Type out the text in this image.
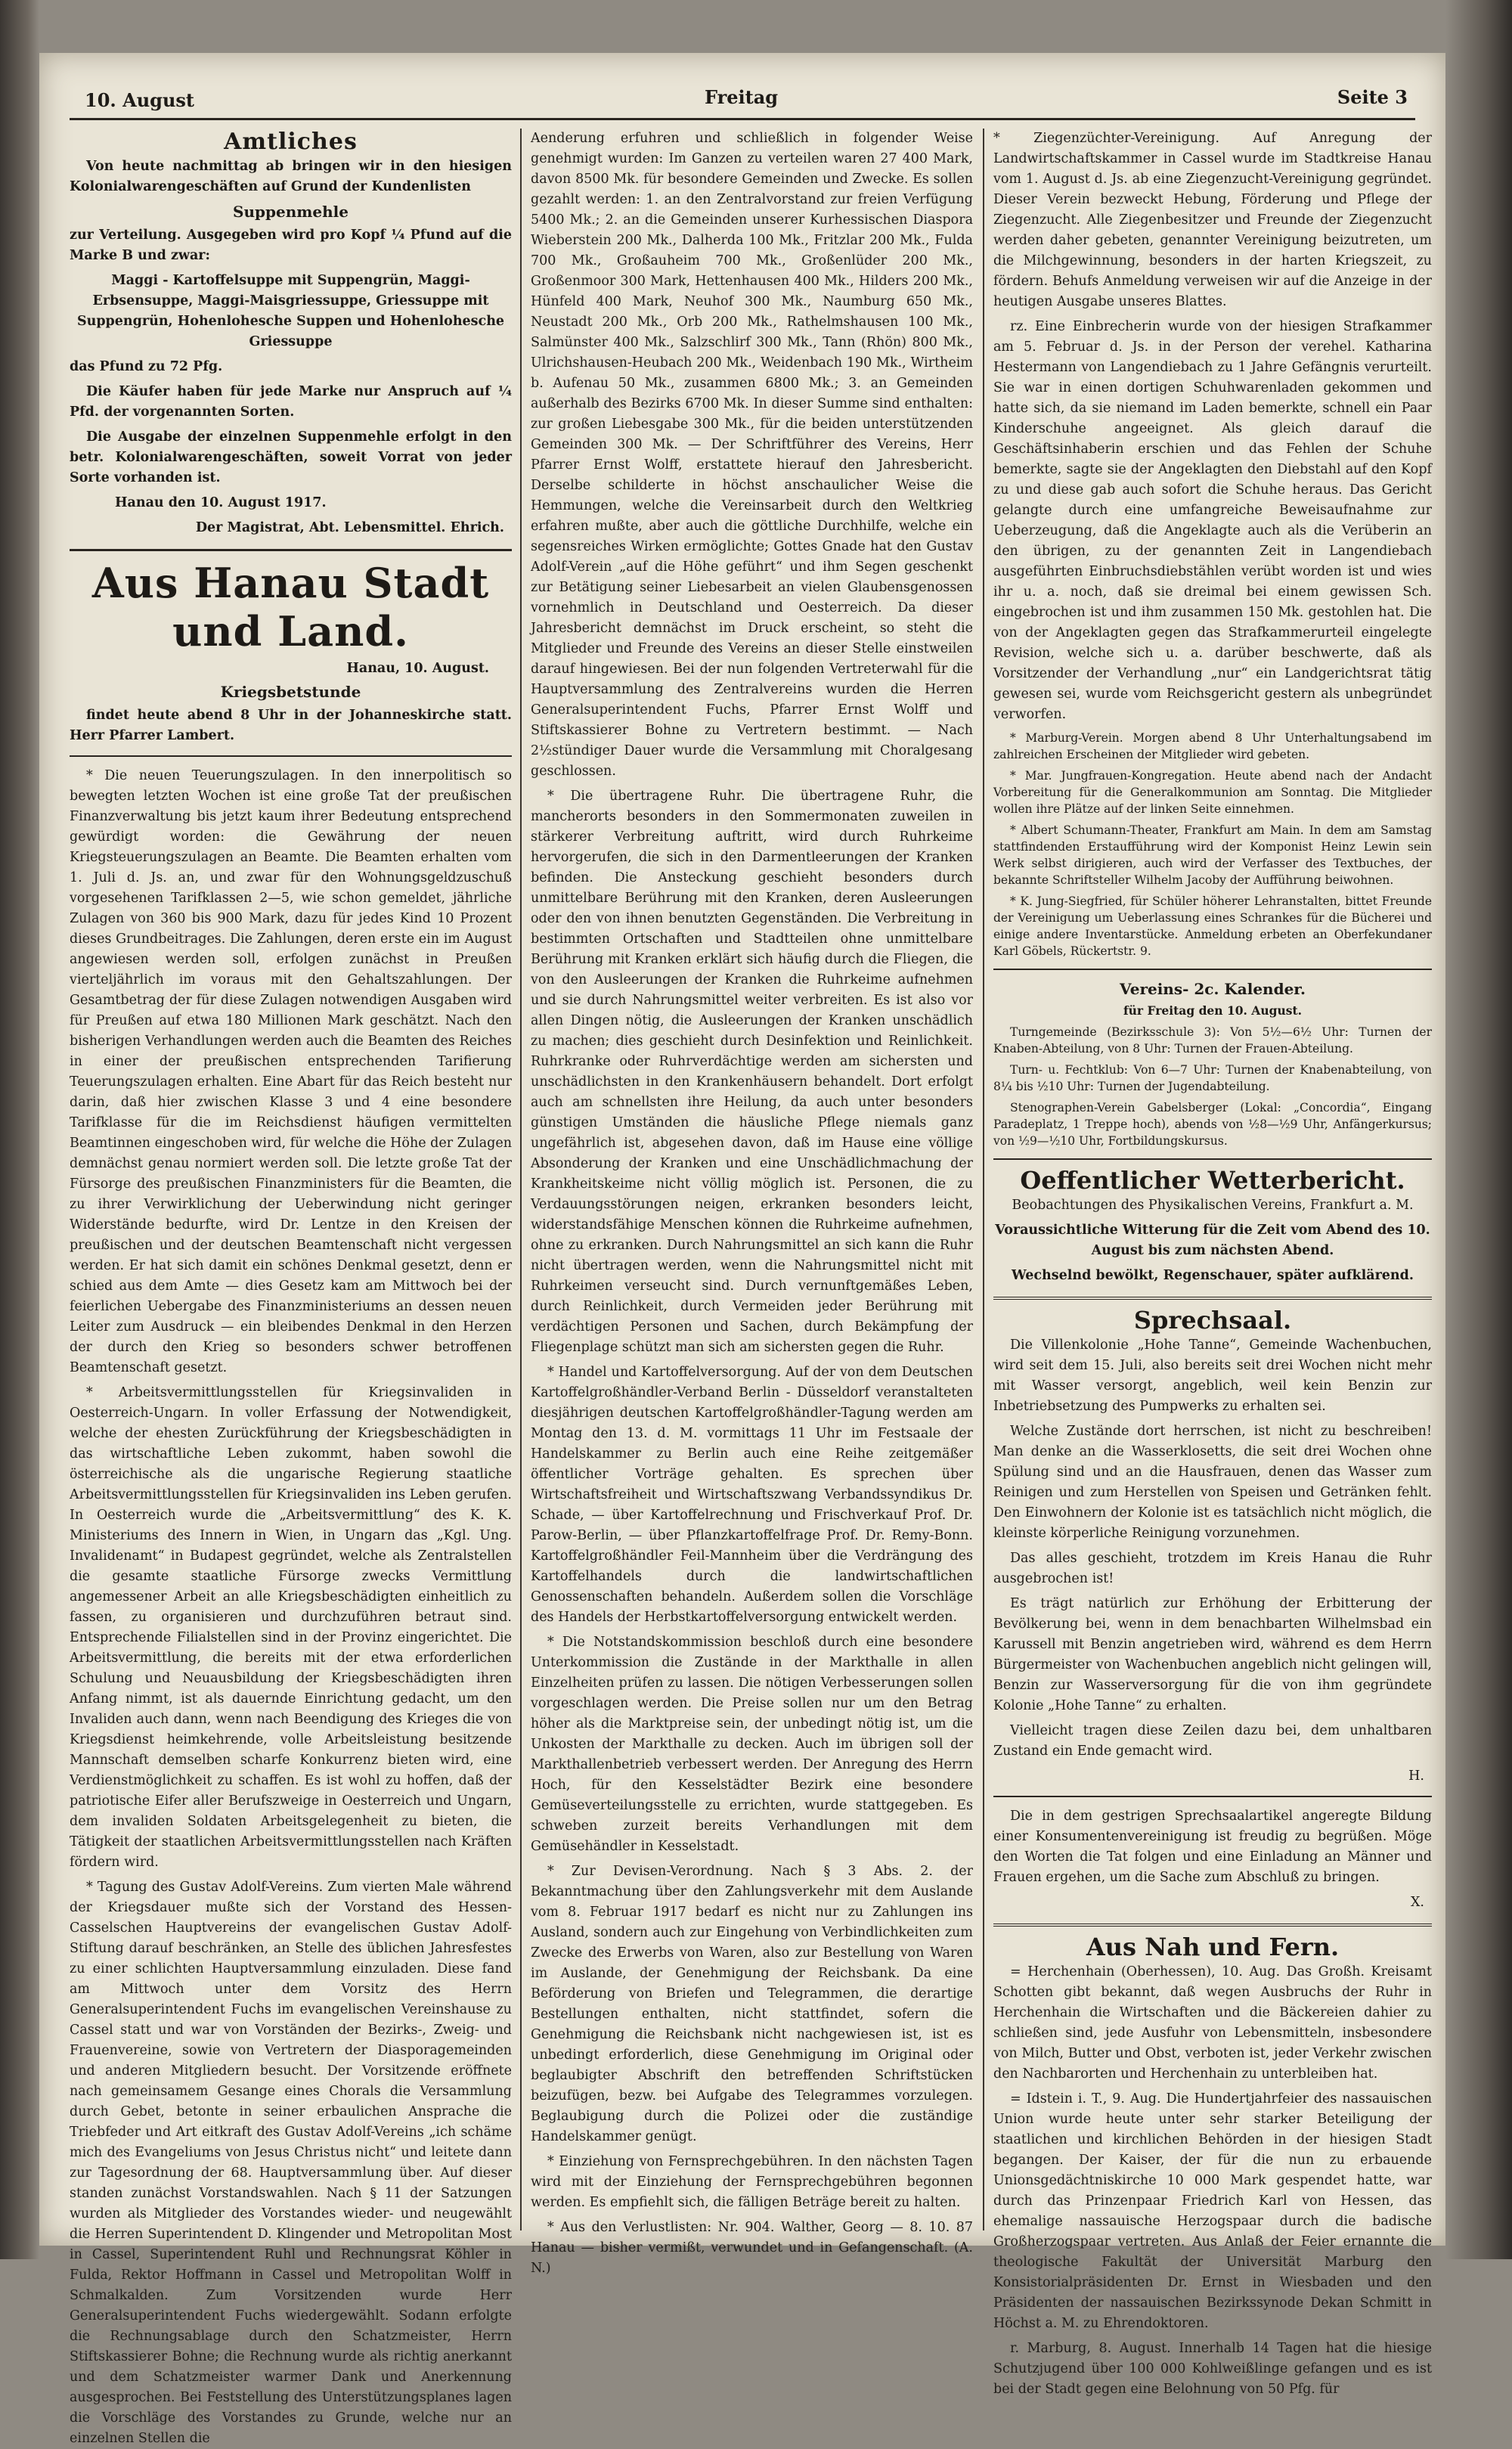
10. August	Freitag	Seite 3
Amtliches

Von heute nachmittag ab bringen wir in den hiesigen Kolonialwarengeschäften auf Grund der Kundenlisten

Suppenmehle

zur Verteilung. Ausgegeben wird pro Kopf ¼ Pfund auf die Marke B und zwar:

Maggi - Kartoffelsuppe mit Suppengrün, Maggi-Erbsensuppe, Maggi-Maisgriessuppe, Griessuppe mit Suppengrün, Hohenlohesche Suppen und Hohenlohesche Griessuppe

das Pfund zu 72 Pfg.

Die Käufer haben für jede Marke nur Anspruch auf ¼ Pfd. der vorgenannten Sorten.

Die Ausgabe der einzelnen Suppenmehle erfolgt in den betr. Kolonialwarengeschäften, soweit Vorrat von jeder Sorte vorhanden ist.

Hanau den 10. August 1917.

Der Magistrat, Abt. Lebensmittel. Ehrich.

Aus Hanau Stadt und Land.
Hanau, 10. August.
Kriegsbetstunde

findet heute abend 8 Uhr in der Johanneskirche statt. Herr Pfarrer Lambert.

* Die neuen Teuerungszulagen. In den innerpolitisch so bewegten letzten Wochen ist eine große Tat der preußischen Finanzverwaltung bis jetzt kaum ihrer Bedeutung entsprechend gewürdigt worden: die Gewährung der neuen Kriegsteuerungszulagen an Beamte. Die Beamten erhalten vom 1. Juli d. Js. an, und zwar für den Wohnungsgeldzuschuß vorgesehenen Tarifklassen 2—5, wie schon gemeldet, jährliche Zulagen von 360 bis 900 Mark, dazu für jedes Kind 10 Prozent dieses Grundbeitrages. Die Zahlungen, deren erste ein im August angewiesen werden soll, erfolgen zunächst in Preußen vierteljährlich im voraus mit den Gehaltszahlungen. Der Gesamtbetrag der für diese Zulagen notwendigen Ausgaben wird für Preußen auf etwa 180 Millionen Mark geschätzt. Nach den bisherigen Verhandlungen werden auch die Beamten des Reiches in einer der preußischen entsprechenden Tarifierung Teuerungszulagen erhalten. Eine Abart für das Reich besteht nur darin, daß hier zwischen Klasse 3 und 4 eine besondere Tarifklasse für die im Reichsdienst häufigen vermittelten Beamtinnen eingeschoben wird, für welche die Höhe der Zulagen demnächst genau normiert werden soll. Die letzte große Tat der Fürsorge des preußischen Finanzministers für die Beamten, die zu ihrer Verwirklichung der Ueberwindung nicht geringer Widerstände bedurfte, wird Dr. Lentze in den Kreisen der preußischen und der deutschen Beamtenschaft nicht vergessen werden. Er hat sich damit ein schönes Denkmal gesetzt, denn er schied aus dem Amte — dies Gesetz kam am Mittwoch bei der feierlichen Uebergabe des Finanzministeriums an dessen neuen Leiter zum Ausdruck — ein bleibendes Denkmal in den Herzen der durch den Krieg so besonders schwer betroffenen Beamtenschaft gesetzt.

* Arbeitsvermittlungsstellen für Kriegsinvaliden in Oesterreich-Ungarn. In voller Erfassung der Notwendigkeit, welche der ehesten Zurückführung der Kriegsbeschädigten in das wirtschaftliche Leben zukommt, haben sowohl die österreichische als die ungarische Regierung staatliche Arbeitsvermittlungsstellen für Kriegsinvaliden ins Leben gerufen. In Oesterreich wurde die „Arbeitsvermittlung“ des K. K. Ministeriums des Innern in Wien, in Ungarn das „Kgl. Ung. Invalidenamt“ in Budapest gegründet, welche als Zentralstellen die gesamte staatliche Fürsorge zwecks Vermittlung angemessener Arbeit an alle Kriegsbeschädigten einheitlich zu fassen, zu organisieren und durchzuführen betraut sind. Entsprechende Filialstellen sind in der Provinz eingerichtet. Die Arbeitsvermittlung, die bereits mit der etwa erforderlichen Schulung und Neuausbildung der Kriegsbeschädigten ihren Anfang nimmt, ist als dauernde Einrichtung gedacht, um den Invaliden auch dann, wenn nach Beendigung des Krieges die von Kriegsdienst heimkehrende, volle Arbeitsleistung besitzende Mannschaft demselben scharfe Konkurrenz bieten wird, eine Verdienstmöglichkeit zu schaffen. Es ist wohl zu hoffen, daß der patriotische Eifer aller Berufszweige in Oesterreich und Ungarn, dem invaliden Soldaten Arbeitsgelegenheit zu bieten, die Tätigkeit der staatlichen Arbeitsvermittlungsstellen nach Kräften fördern wird.

* Tagung des Gustav Adolf-Vereins. Zum vierten Male während der Kriegsdauer mußte sich der Vorstand des Hessen-Casselschen Hauptvereins der evangelischen Gustav Adolf-Stiftung darauf beschränken, an Stelle des üblichen Jahresfestes zu einer schlichten Hauptversammlung einzuladen. Diese fand am Mittwoch unter dem Vorsitz des Herrn Generalsuperintendent Fuchs im evangelischen Vereinshause zu Cassel statt und war von Vorständen der Bezirks-, Zweig- und Frauenvereine, sowie von Vertretern der Diasporagemeinden und anderen Mitgliedern besucht. Der Vorsitzende eröffnete nach gemeinsamem Gesange eines Chorals die Versammlung durch Gebet, betonte in seiner erbaulichen Ansprache die Triebfeder und Art eitkraft des Gustav Adolf-Vereins „ich schäme mich des Evangeliums von Jesus Christus nicht“ und leitete dann zur Tagesordnung der 68. Hauptversammlung über. Auf dieser standen zunächst Vorstandswahlen. Nach § 11 der Satzungen wurden als Mitglieder des Vorstandes wieder- und neugewählt die Herren Superintendent D. Klingender und Metropolitan Most in Cassel, Superintendent Ruhl und Rechnungsrat Köhler in Fulda, Rektor Hoffmann in Cassel und Metropolitan Wolff in Schmalkalden. Zum Vorsitzenden wurde Herr Generalsuperintendent Fuchs wiedergewählt. Sodann erfolgte die Rechnungsablage durch den Schatzmeister, Herrn Stiftskassierer Bohne; die Rechnung wurde als richtig anerkannt und dem Schatzmeister warmer Dank und Anerkennung ausgesprochen. Bei Feststellung des Unterstützungsplanes lagen die Vorschläge des Vorstandes zu Grunde, welche nur an einzelnen Stellen die

Aenderung erfuhren und schließlich in folgender Weise genehmigt wurden: Im Ganzen zu verteilen waren 27 400 Mark, davon 8500 Mk. für besondere Gemeinden und Zwecke. Es sollen gezahlt werden: 1. an den Zentralvorstand zur freien Verfügung 5400 Mk.; 2. an die Gemeinden unserer Kurhessischen Diaspora Wieberstein 200 Mk., Dalherda 100 Mk., Fritzlar 200 Mk., Fulda 700 Mk., Großauheim 700 Mk., Großenlüder 200 Mk., Großenmoor 300 Mark, Hettenhausen 400 Mk., Hilders 200 Mk., Hünfeld 400 Mark, Neuhof 300 Mk., Naumburg 650 Mk., Neustadt 200 Mk., Orb 200 Mk., Rathelmshausen 100 Mk., Salmünster 400 Mk., Salzschlirf 300 Mk., Tann (Rhön) 800 Mk., Ulrichshausen-Heubach 200 Mk., Weidenbach 190 Mk., Wirtheim b. Aufenau 50 Mk., zusammen 6800 Mk.; 3. an Gemeinden außerhalb des Bezirks 6700 Mk. In dieser Summe sind enthalten: zur großen Liebesgabe 300 Mk., für die beiden unterstützenden Gemeinden 300 Mk. — Der Schriftführer des Vereins, Herr Pfarrer Ernst Wolff, erstattete hierauf den Jahresbericht. Derselbe schilderte in höchst anschaulicher Weise die Hemmungen, welche die Vereinsarbeit durch den Weltkrieg erfahren mußte, aber auch die göttliche Durchhilfe, welche ein segensreiches Wirken ermöglichte; Gottes Gnade hat den Gustav Adolf-Verein „auf die Höhe geführt“ und ihm Segen geschenkt zur Betätigung seiner Liebesarbeit an vielen Glaubensgenossen vornehmlich in Deutschland und Oesterreich. Da dieser Jahresbericht demnächst im Druck erscheint, so steht die Mitglieder und Freunde des Vereins an dieser Stelle einstweilen darauf hingewiesen. Bei der nun folgenden Vertreterwahl für die Hauptversammlung des Zentralvereins wurden die Herren Generalsuperintendent Fuchs, Pfarrer Ernst Wolff und Stiftskassierer Bohne zu Vertretern bestimmt. — Nach 2½stündiger Dauer wurde die Versammlung mit Choralgesang geschlossen.

* Die übertragene Ruhr. Die übertragene Ruhr, die mancherorts besonders in den Sommermonaten zuweilen in stärkerer Verbreitung auftritt, wird durch Ruhrkeime hervorgerufen, die sich in den Darmentleerungen der Kranken befinden. Die Ansteckung geschieht besonders durch unmittelbare Berührung mit den Kranken, deren Ausleerungen oder den von ihnen benutzten Gegenständen. Die Verbreitung in bestimmten Ortschaften und Stadtteilen ohne unmittelbare Berührung mit Kranken erklärt sich häufig durch die Fliegen, die von den Ausleerungen der Kranken die Ruhrkeime aufnehmen und sie durch Nahrungsmittel weiter verbreiten. Es ist also vor allen Dingen nötig, die Ausleerungen der Kranken unschädlich zu machen; dies geschieht durch Desinfektion und Reinlichkeit. Ruhrkranke oder Ruhrverdächtige werden am sichersten und unschädlichsten in den Krankenhäusern behandelt. Dort erfolgt auch am schnellsten ihre Heilung, da auch unter besonders günstigen Umständen die häusliche Pflege niemals ganz ungefährlich ist, abgesehen davon, daß im Hause eine völlige Absonderung der Kranken und eine Unschädlichmachung der Krankheitskeime nicht völlig möglich ist. Personen, die zu Verdauungsstörungen neigen, erkranken besonders leicht, widerstandsfähige Menschen können die Ruhrkeime aufnehmen, ohne zu erkranken. Durch Nahrungsmittel an sich kann die Ruhr nicht übertragen werden, wenn die Nahrungsmittel nicht mit Ruhrkeimen verseucht sind. Durch vernunftgemäßes Leben, durch Reinlichkeit, durch Vermeiden jeder Berührung mit verdächtigen Personen und Sachen, durch Bekämpfung der Fliegenplage schützt man sich am sichersten gegen die Ruhr.

* Handel und Kartoffelversorgung. Auf der von dem Deutschen Kartoffelgroßhändler-Verband Berlin - Düsseldorf veranstalteten diesjährigen deutschen Kartoffelgroßhändler-Tagung werden am Montag den 13. d. M. vormittags 11 Uhr im Festsaale der Handelskammer zu Berlin auch eine Reihe zeitgemäßer öffentlicher Vorträge gehalten. Es sprechen über Wirtschaftsfreiheit und Wirtschaftszwang Verbandssyndikus Dr. Schade, — über Kartoffelrechnung und Frischverkauf Prof. Dr. Parow-Berlin, — über Pflanzkartoffelfrage Prof. Dr. Remy-Bonn. Kartoffelgroßhändler Feil-Mannheim über die Verdrängung des Kartoffelhandels durch die landwirtschaftlichen Genossenschaften behandeln. Außerdem sollen die Vorschläge des Handels der Herbstkartoffelversorgung entwickelt werden.

* Die Notstandskommission beschloß durch eine besondere Unterkommission die Zustände in der Markthalle in allen Einzelheiten prüfen zu lassen. Die nötigen Verbesserungen sollen vorgeschlagen werden. Die Preise sollen nur um den Betrag höher als die Marktpreise sein, der unbedingt nötig ist, um die Unkosten der Markthalle zu decken. Auch im übrigen soll der Markthallenbetrieb verbessert werden. Der Anregung des Herrn Hoch, für den Kesselstädter Bezirk eine besondere Gemüseverteilungsstelle zu errichten, wurde stattgegeben. Es schweben zurzeit bereits Verhandlungen mit dem Gemüsehändler in Kesselstadt.

* Zur Devisen-Verordnung. Nach § 3 Abs. 2. der Bekanntmachung über den Zahlungsverkehr mit dem Auslande vom 8. Februar 1917 bedarf es nicht nur zu Zahlungen ins Ausland, sondern auch zur Eingehung von Verbindlichkeiten zum Zwecke des Erwerbs von Waren, also zur Bestellung von Waren im Auslande, der Genehmigung der Reichsbank. Da eine Beförderung von Briefen und Telegrammen, die derartige Bestellungen enthalten, nicht stattfindet, sofern die Genehmigung die Reichsbank nicht nachgewiesen ist, ist es unbedingt erforderlich, diese Genehmigung im Original oder beglaubigter Abschrift den betreffenden Schriftstücken beizufügen, bezw. bei Aufgabe des Telegrammes vorzulegen. Beglaubigung durch die Polizei oder die zuständige Handelskammer genügt.

* Einziehung von Fernsprechgebühren. In den nächsten Tagen wird mit der Einziehung der Fernsprechgebühren begonnen werden. Es empfiehlt sich, die fälligen Beträge bereit zu halten.

* Aus den Verlustlisten: Nr. 904. Walther, Georg — 8. 10. 87 Hanau — bisher vermißt, verwundet und in Gefangenschaft. (A. N.)

* Ziegenzüchter-Vereinigung. Auf Anregung der Landwirtschaftskammer in Cassel wurde im Stadtkreise Hanau vom 1. August d. Js. ab eine Ziegenzucht-Vereinigung gegründet. Dieser Verein bezweckt Hebung, Förderung und Pflege der Ziegenzucht. Alle Ziegenbesitzer und Freunde der Ziegenzucht werden daher gebeten, genannter Vereinigung beizutreten, um die Milchgewinnung, besonders in der harten Kriegszeit, zu fördern. Behufs Anmeldung verweisen wir auf die Anzeige in der heutigen Ausgabe unseres Blattes.

rz. Eine Einbrecherin wurde von der hiesigen Strafkammer am 5. Februar d. Js. in der Person der verehel. Katharina Hestermann von Langendiebach zu 1 Jahre Gefängnis verurteilt. Sie war in einen dortigen Schuhwarenladen gekommen und hatte sich, da sie niemand im Laden bemerkte, schnell ein Paar Kinderschuhe angeeignet. Als gleich darauf die Geschäftsinhaberin erschien und das Fehlen der Schuhe bemerkte, sagte sie der Angeklagten den Diebstahl auf den Kopf zu und diese gab auch sofort die Schuhe heraus. Das Gericht gelangte durch eine umfangreiche Beweisaufnahme zur Ueberzeugung, daß die Angeklagte auch als die Verüberin an den übrigen, zu der genannten Zeit in Langendiebach ausgeführten Einbruchsdiebstählen verübt worden ist und wies ihr u. a. noch, daß sie dreimal bei einem gewissen Sch. eingebrochen ist und ihm zusammen 150 Mk. gestohlen hat. Die von der Angeklagten gegen das Strafkammerurteil eingelegte Revision, welche sich u. a. darüber beschwerte, daß als Vorsitzender der Verhandlung „nur“ ein Landgerichtsrat tätig gewesen sei, wurde vom Reichsgericht gestern als unbegründet verworfen.

* Marburg-Verein. Morgen abend 8 Uhr Unterhaltungsabend im zahlreichen Erscheinen der Mitglieder wird gebeten.

* Mar. Jungfrauen-Kongregation. Heute abend nach der Andacht Vorbereitung für die Generalkommunion am Sonntag. Die Mitglieder wollen ihre Plätze auf der linken Seite einnehmen.

* Albert Schumann-Theater, Frankfurt am Main. In dem am Samstag stattfindenden Erstaufführung wird der Komponist Heinz Lewin sein Werk selbst dirigieren, auch wird der Verfasser des Textbuches, der bekannte Schriftsteller Wilhelm Jacoby der Aufführung beiwohnen.

* K. Jung-Siegfried, für Schüler höherer Lehranstalten, bittet Freunde der Vereinigung um Ueberlassung eines Schrankes für die Bücherei und einige andere Inventarstücke. Anmeldung erbeten an Oberfekundaner Karl Göbels, Rückertstr. 9.

Vereins- 2c. Kalender.

für Freitag den 10. August.

Turngemeinde (Bezirksschule 3): Von 5½—6½ Uhr: Turnen der Knaben-Abteilung, von 8 Uhr: Turnen der Frauen-Abteilung.

Turn- u. Fechtklub: Von 6—7 Uhr: Turnen der Knabenabteilung, von 8¼ bis ½10 Uhr: Turnen der Jugendabteilung.

Stenographen-Verein Gabelsberger (Lokal: „Concordia“, Eingang Paradeplatz, 1 Treppe hoch), abends von ½8—½9 Uhr, Anfängerkursus; von ½9—½10 Uhr, Fortbildungskursus.

Oeffentlicher Wetterbericht.

Beobachtungen des Physikalischen Vereins, Frankfurt a. M.

Voraussichtliche Witterung für die Zeit vom Abend des 10. August bis zum nächsten Abend.

Wechselnd bewölkt, Regenschauer, später aufklärend.

Sprechsaal.

Die Villenkolonie „Hohe Tanne“, Gemeinde Wachenbuchen, wird seit dem 15. Juli, also bereits seit drei Wochen nicht mehr mit Wasser versorgt, angeblich, weil kein Benzin zur Inbetriebsetzung des Pumpwerks zu erhalten sei.

Welche Zustände dort herrschen, ist nicht zu beschreiben! Man denke an die Wasserklosetts, die seit drei Wochen ohne Spülung sind und an die Hausfrauen, denen das Wasser zum Reinigen und zum Herstellen von Speisen und Getränken fehlt. Den Einwohnern der Kolonie ist es tatsächlich nicht möglich, die kleinste körperliche Reinigung vorzunehmen.

Das alles geschieht, trotzdem im Kreis Hanau die Ruhr ausgebrochen ist!

Es trägt natürlich zur Erhöhung der Erbitterung der Bevölkerung bei, wenn in dem benachbarten Wilhelmsbad ein Karussell mit Benzin angetrieben wird, während es dem Herrn Bürgermeister von Wachenbuchen angeblich nicht gelingen will, Benzin zur Wasserversorgung für die von ihm gegründete Kolonie „Hohe Tanne“ zu erhalten.

Vielleicht tragen diese Zeilen dazu bei, dem unhaltbaren Zustand ein Ende gemacht wird.

H.

Die in dem gestrigen Sprechsaalartikel angeregte Bildung einer Konsumentenvereinigung ist freudig zu begrüßen. Möge den Worten die Tat folgen und eine Einladung an Männer und Frauen ergehen, um die Sache zum Abschluß zu bringen.

X.

Aus Nah und Fern.

= Herchenhain (Oberhessen), 10. Aug. Das Großh. Kreisamt Schotten gibt bekannt, daß wegen Ausbruchs der Ruhr in Herchenhain die Wirtschaften und die Bäckereien dahier zu schließen sind, jede Ausfuhr von Lebensmitteln, insbesondere von Milch, Butter und Obst, verboten ist, jeder Verkehr zwischen den Nachbarorten und Herchenhain zu unterbleiben hat.

= Idstein i. T., 9. Aug. Die Hundertjahrfeier des nassauischen Union wurde heute unter sehr starker Beteiligung der staatlichen und kirchlichen Behörden in der hiesigen Stadt begangen. Der Kaiser, der für die nun zu erbauende Unionsgedächtniskirche 10 000 Mark gespendet hatte, war durch das Prinzenpaar Friedrich Karl von Hessen, das ehemalige nassauische Herzogspaar durch die badische Großherzogspaar vertreten. Aus Anlaß der Feier ernannte die theologische Fakultät der Universität Marburg den Konsistorialpräsidenten Dr. Ernst in Wiesbaden und den Präsidenten der nassauischen Bezirkssynode Dekan Schmitt in Höchst a. M. zu Ehrendoktoren.

r. Marburg, 8. August. Innerhalb 14 Tagen hat die hiesige Schutzjugend über 100 000 Kohlweißlinge gefangen und es ist bei der Stadt gegen eine Belohnung von 50 Pfg. für
